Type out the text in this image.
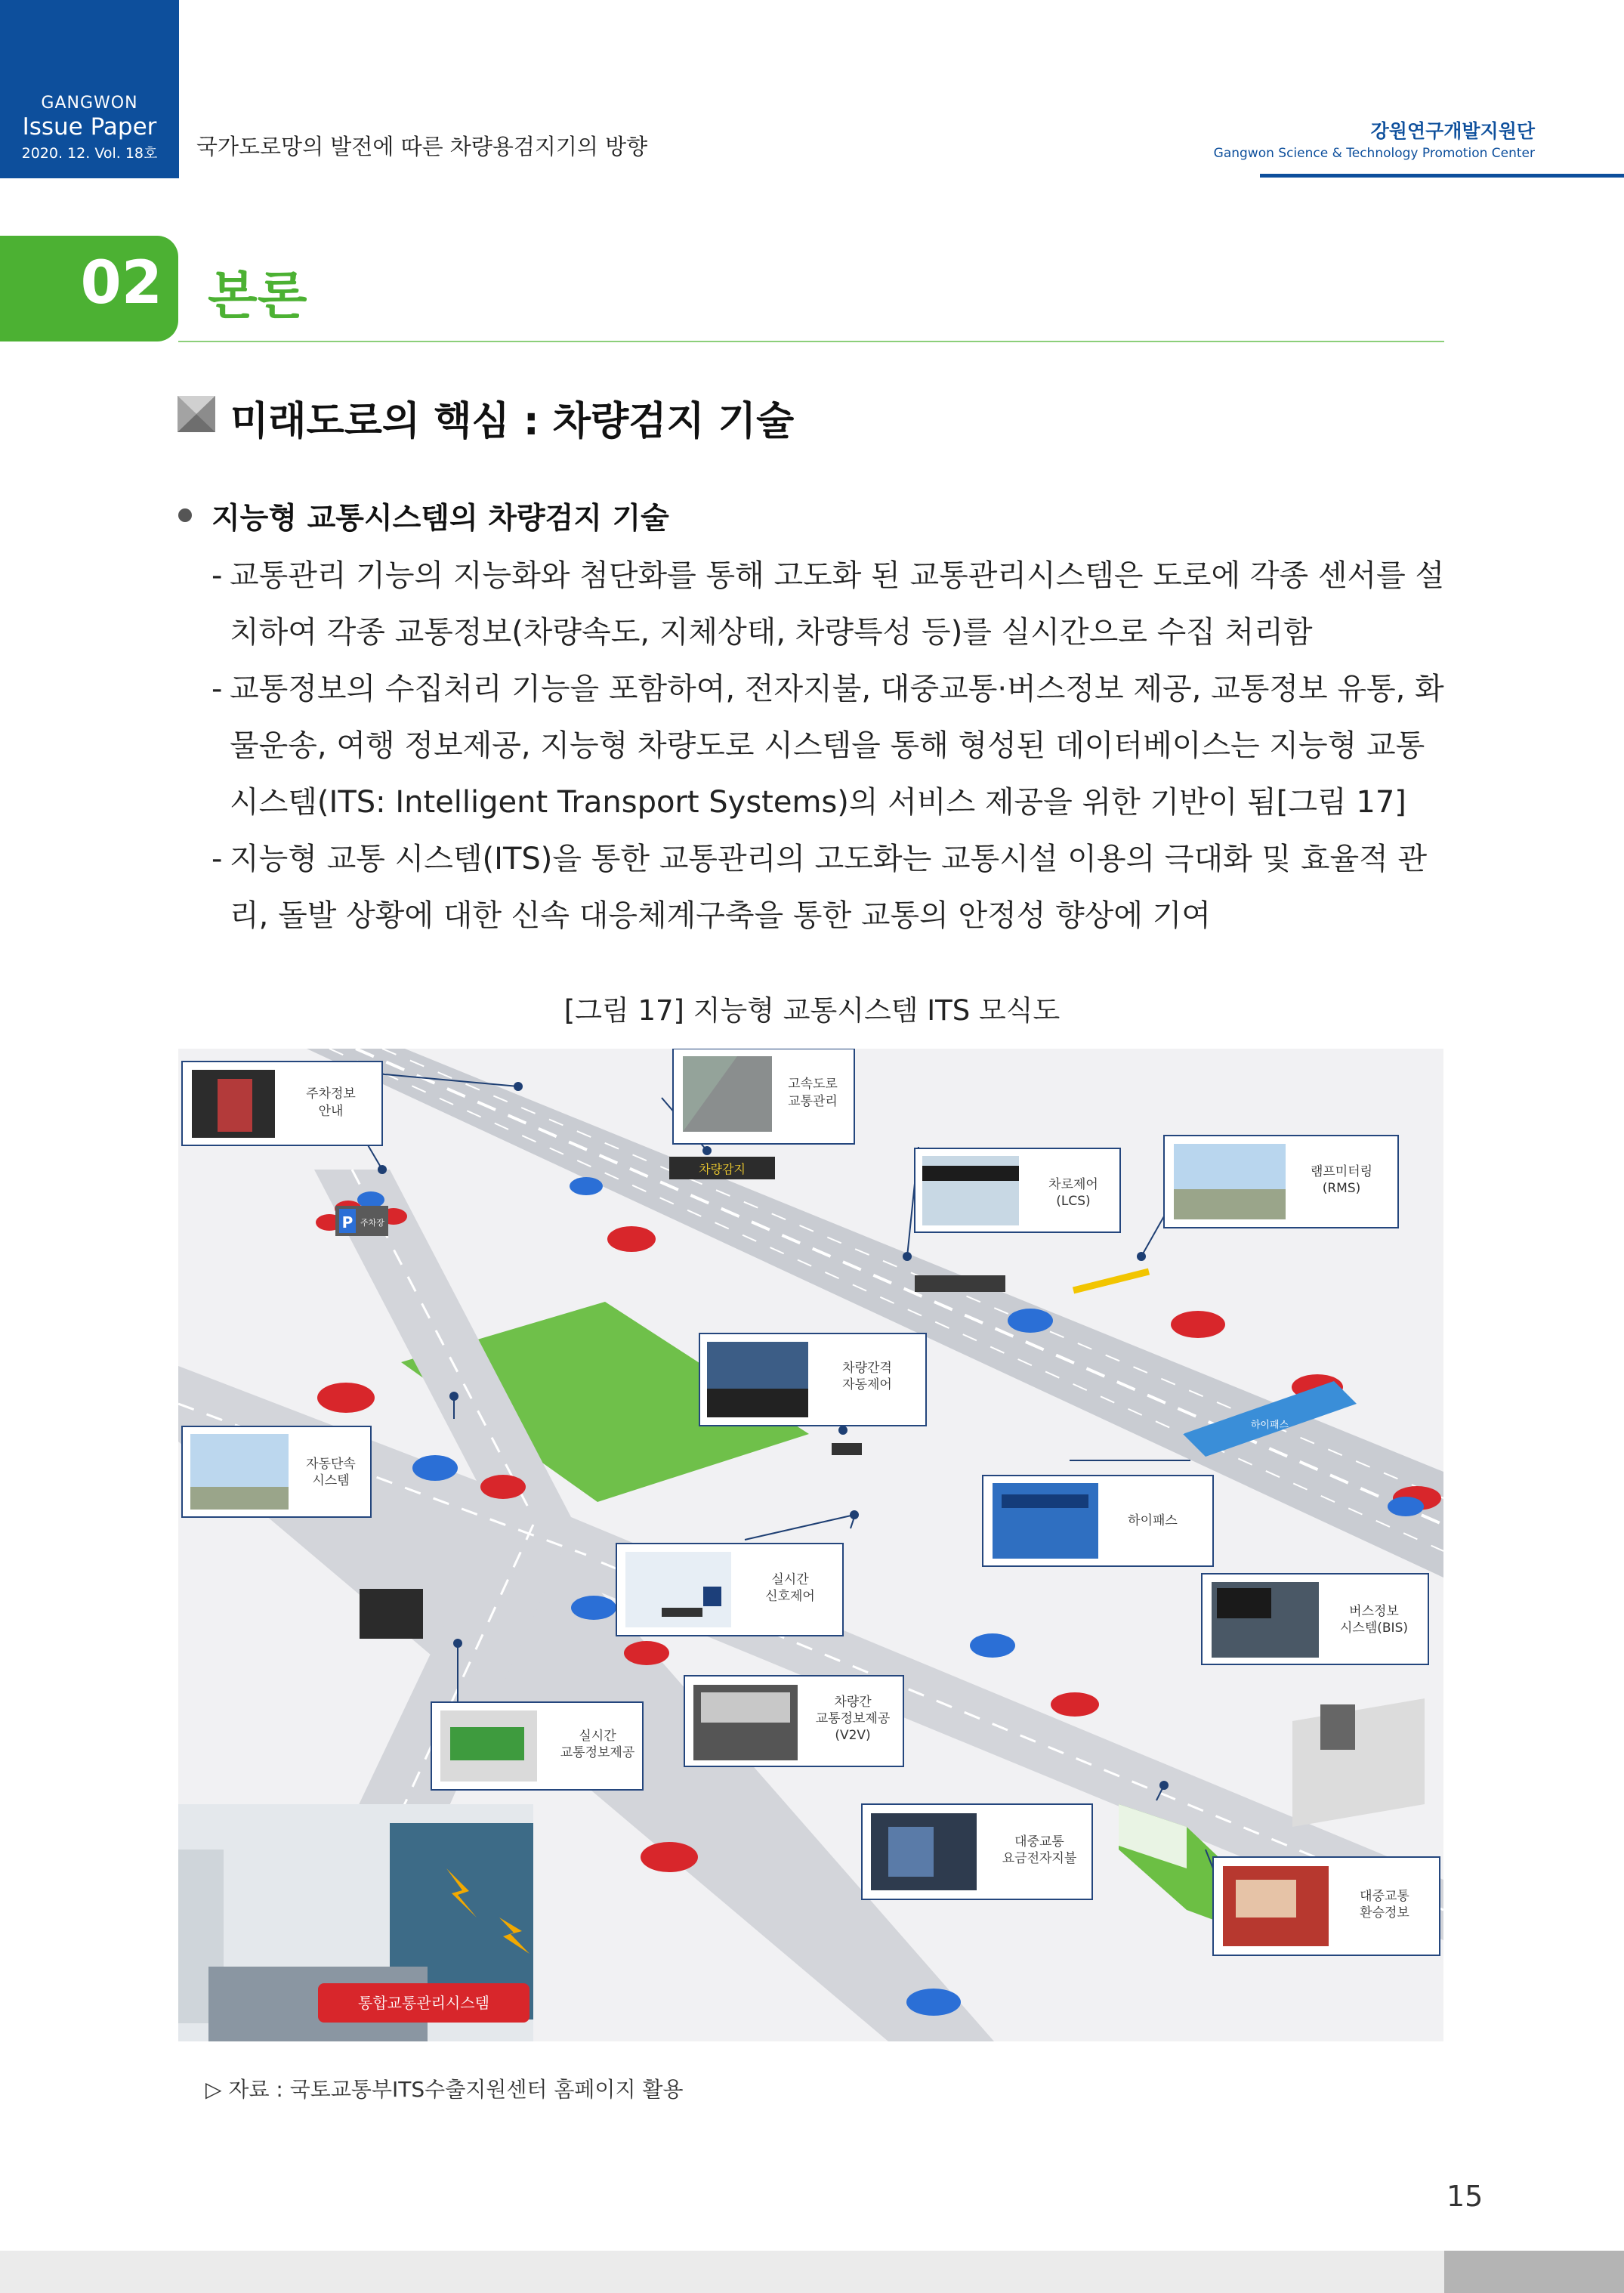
GANGWON
Issue Paper
2020. 12. Vol. 18호	국가도로망의 발전에 따른 차량용검지기의 방향
강원연구개발지원단
Gangwon Science & Technology Promotion Center
02 본론
미래도로의 핵심 : 차량검지 기술
지능형 교통시스템의 차량검지 기술
- 교통관리 기능의 지능화와 첨단화를 통해 고도화 된 교통관리시스템은 도로에 각종 센서를 설치하여 각종 교통정보(차량속도, 지체상태, 차량특성 등)를 실시간으로 수집 처리함
- 교통정보의 수집처리 기능을 포함하여, 전자지불, 대중교통·버스정보 제공, 교통정보 유통, 화물운송, 여행 정보제공, 지능형 차량도로 시스템을 통해 형성된 데이터베이스는 지능형 교통 시스템(ITS: Intelligent Transport Systems)의 서비스 제공을 위한 기반이 됨[그림 17]
- 지능형 교통 시스템(ITS)을 통한 교통관리의 고도화는 교통시설 이용의 극대화 및 효율적 관리, 돌발 상황에 대한 신속 대응체계구축을 통한 교통의 안정성 향상에 기여
[그림 17] 지능형 교통시스템 ITS 모식도
차량감지
하이패스
P 주차장
통합교통관리시스템
주차정보
안내
고속도로
교통관리
차로제어
(LCS)
램프미터링
(RMS)
차량간격
자동제어
자동단속
시스템
하이패스
실시간
신호제어
버스정보
시스템(BIS)
차량간
교통정보제공
(V2V)
실시간
교통정보제공
대중교통
요금전자지불
대중교통
환승정보
▷ 자료 : 국토교통부ITS수출지원센터 홈페이지 활용
15
